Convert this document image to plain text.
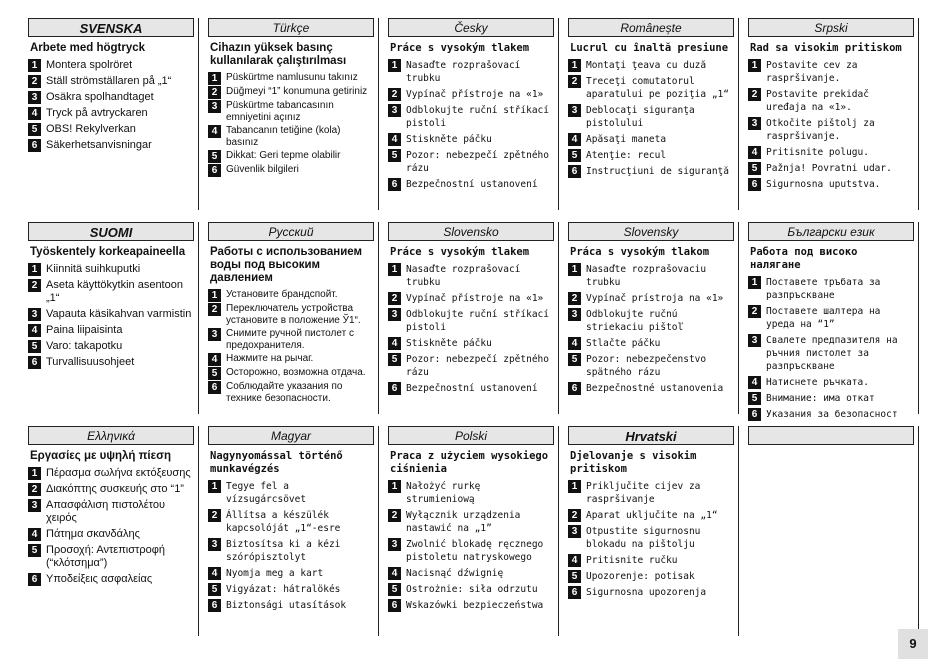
SVENSKA
Arbete med högtryck
1 Montera spolröret
2 Ställ strömställaren på „1“
3 Osäkra spolhandtaget
4 Tryck på avtryckaren
5 OBS! Rekylverkan
6 Säkerhetsanvisningar
Türkçe
Cihazın yüksek basınç kullanılarak çalıştırılması
1 Püskürtme namlusunu takınız
2 Düğmeyi “1” konumuna getiriniz
3 Püskürtme tabancasının emniyetini açınız
4 Tabancanın tetiğine (kola) basınız
5 Dikkat: Geri tepme olabilir
6 Güvenlik bilgileri
Česky
Práce s vysokým tlakem
1 Nasaďte rozprašovací trubku
2 Vypínač přístroje na «1»
3 Odblokujte ruční stříkací pistoli
4 Stiskněte páčku
5 Pozor: nebezpečí zpětného rázu
6 Bezpečnostní ustanovení
Românește
Lucrul cu înaltă presiune
1 Montaţi ţeava cu duză
2 Treceţi comutatorul aparatului pe poziţia „1“
3 Deblocaţi siguranţa pistolului
4 Apăsaţi maneta
5 Atenţie: recul
6 Instrucţiuni de siguranţă
Srpski
Rad sa visokim pritiskom
1 Postavite cev za raspršivanje.
2 Postavite prekidač uređaja na «1».
3 Otkočite pištolj za raspršivanje.
4 Pritisnite polugu.
5 Pažnja! Povratni udar.
6 Sigurnosna uputstva.
SUOMI
Työskentely korkeapaineella
1 Kiinnitä suihkuputki
2 Aseta käyttökytkin asentoon „1“
3 Vapauta käsikahvan varmistin
4 Paina liipaisinta
5 Varo: takapotku
6 Turvallisuusohjeet
Русский
Работы с использованием воды под высоким давлением
1 Установите брандспойт.
2 Переключатель устройства установите в положение Ў1“.
3 Снимите ручной пистолет с предохранителя.
4 Нажмите на рычаг.
5 Осторожно, возможна отдача.
6 Соблюдайте указания по технике безопасности.
Slovensko
Práce s vysokým tlakem
1 Nasaďte rozprašovací trubku
2 Vypínač přístroje na «1»
3 Odblokujte ruční stříkací pistoli
4 Stiskněte páčku
5 Pozor: nebezpečí zpětného rázu
6 Bezpečnostní ustanovení
Slovensky
Práca s vysokým tlakom
1 Nasaďte rozprašovaciu trubku
2 Vypínač prístroja na «1»
3 Odblokujte ručnú striekaciu pištoľ
4 Stlačte páčku
5 Pozor: nebezpečenstvo spätného rázu
6 Bezpečnostné ustanovenia
Български език
Работа под високо налягане
1 Поставете тръбата за разпръскване
2 Поставете шалтера на уреда на “1”
3 Свалете предпазителя на ръчния пистолет за разпръскване
4 Натиснете ръчката.
5 Внимание: има откат
6 Указания за безопасност
Ελληνικά
Εργασίες με υψηλή πίεση
1 Πέρασμα σωλήνα εκτόξευσης
2 Διακόπτης συσκευής στο “1”
3 Απασφάλιση πιστολέτου χειρός
4 Πάτημα σκανδάλης
5 Προσοχή: Αντεπιστροφή (“κλότσημα”)
6 Υποδείξεις ασφαλείας
Magyar
Nagynyomással történő munkavégzés
1 Tegye fel a vízsugárcsövet
2 Állítsa a készülék kapcsolóját „1“-esre
3 Biztosítsa ki a kézi szórópisztolyt
4 Nyomja meg a kart
5 Vigyázat: hátralökés
6 Biztonsági utasítások
Polski
Praca z użyciem wysokiego ciśnienia
1 Nałożyć rurkę strumieniową
2 Wyłącznik urządzenia nastawić na „1”
3 Zwolnić blokadę ręcznego pistoletu natryskowego
4 Nacisnąć dźwignię
5 Ostrożnie: siła odrzutu
6 Wskazówki bezpieczeństwa
Hrvatski
Djelovanje s visokim pritiskom
1 Priključite cijev za raspršivanje
2 Aparat uključite na „1“
3 Otpustite sigurnosnu blokadu na pištolju
4 Pritisnite ručku
5 Upozorenje: potisak
6 Sigurnosna upozorenja
9
